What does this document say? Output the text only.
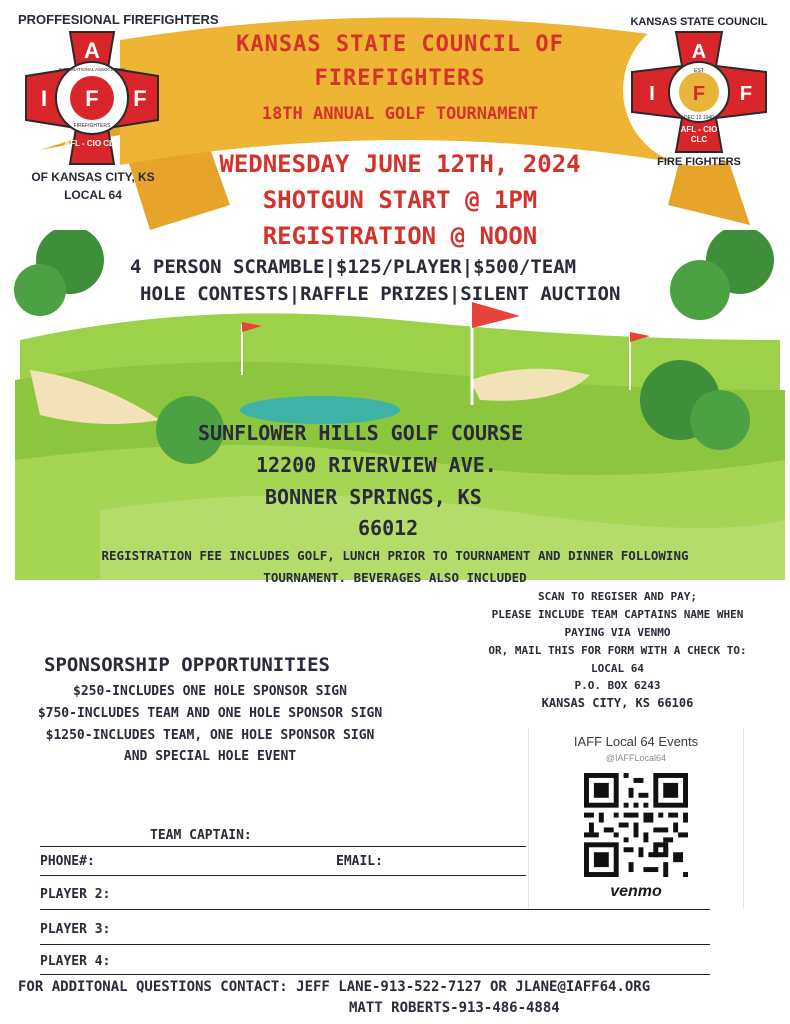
PROFFESIONAL FIREFIGHTERS
A
I F F
INTERNATIONAL ASSOCIATION
FIREFIGHTERS
AFL - CIO CLC
OF KANSAS CITY, KS
LOCAL 64
KANSAS STATE COUNCIL
FIRE FIGHTERS
A
I F F
EST
DEC 12 1940
AFL - CIO
CLC
KANSAS STATE COUNCIL OF
FIREFIGHTERS
18TH ANNUAL GOLF TOURNAMENT
WEDNESDAY JUNE 12TH, 2024
SHOTGUN START @ 1PM
REGISTRATION @ NOON
4 PERSON SCRAMBLE|$125/PLAYER|$500/TEAM
HOLE CONTESTS|RAFFLE PRIZES|SILENT AUCTION
SUNFLOWER HILLS GOLF COURSE
12200 RIVERVIEW AVE.
BONNER SPRINGS, KS
66012
REGISTRATION FEE INCLUDES GOLF, LUNCH PRIOR TO TOURNAMENT AND DINNER FOLLOWING
TOURNAMENT. BEVERAGES ALSO INCLUDED
SCAN TO REGISER AND PAY;
PLEASE INCLUDE TEAM CAPTAINS NAME WHEN
PAYING VIA VENMO
OR, MAIL THIS FOR FORM WITH A CHECK TO:
LOCAL 64
P.O. BOX 6243
KANSAS CITY, KS 66106
IAFF Local 64 Events
@IAFFLocal64
venmo
SPONSORSHIP OPPORTUNITIES
$250-INCLUDES ONE HOLE SPONSOR SIGN
$750-INCLUDES TEAM AND ONE HOLE SPONSOR SIGN
$1250-INCLUDES TEAM, ONE HOLE SPONSOR SIGN
AND SPECIAL HOLE EVENT
TEAM CAPTAIN:
PHONE#:	EMAIL:
PLAYER 2:
PLAYER 3:
PLAYER 4:
FOR ADDITONAL QUESTIONS CONTACT: JEFF LANE-913-522-7127 OR JLANE@IAFF64.ORG
MATT ROBERTS-913-486-4884
